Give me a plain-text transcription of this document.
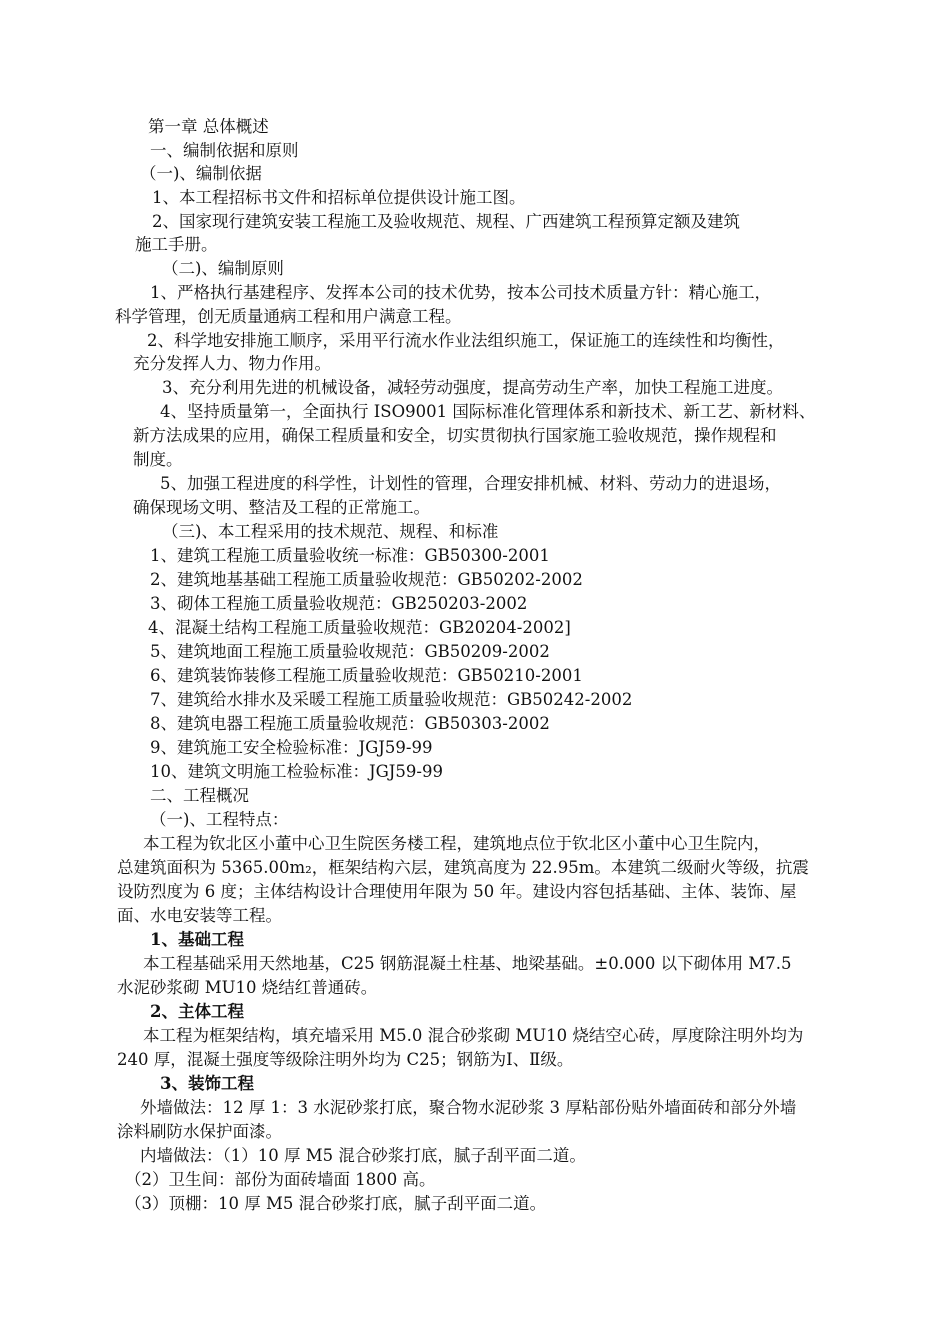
第一章 总体概述
一、编制依据和原则
（一)、编制依据
1、本工程招标书文件和招标单位提供设计施工图。
2、国家现行建筑安装工程施工及验收规范、规程、广西建筑工程预算定额及建筑
施工手册。
（二)、编制原则
1、严格执行基建程序、发挥本公司的技术优势，按本公司技术质量方针：精心施工，
科学管理，创无质量通病工程和用户满意工程。
2、科学地安排施工顺序，采用平行流水作业法组织施工，保证施工的连续性和均衡性，
充分发挥人力、物力作用。
3、充分利用先进的机械设备，减轻劳动强度，提高劳动生产率，加快工程施工进度。
4、坚持质量第一，全面执行 ISO9001 国际标准化管理体系和新技术、新工艺、新材料、
新方法成果的应用，确保工程质量和安全，切实贯彻执行国家施工验收规范，操作规程和
制度。
5、加强工程进度的科学性，计划性的管理，合理安排机械、材料、劳动力的进退场，
确保现场文明、整洁及工程的正常施工。
（三)、本工程采用的技术规范、规程、和标准
1、建筑工程施工质量验收统一标准：GB50300-2001
2、建筑地基基础工程施工质量验收规范：GB50202-2002
3、砌体工程施工质量验收规范：GB250203-2002
4、混凝土结构工程施工质量验收规范：GB20204-2002]
5、建筑地面工程施工质量验收规范：GB50209-2002
6、建筑装饰装修工程施工质量验收规范：GB50210-2001
7、建筑给水排水及采暖工程施工质量验收规范：GB50242-2002
8、建筑电器工程施工质量验收规范：GB50303-2002
9、建筑施工安全检验标准：JGJ59-99
10、建筑文明施工检验标准：JGJ59-99
二、工程概况
（一)、工程特点：
本工程为钦北区小董中心卫生院医务楼工程，建筑地点位于钦北区小董中心卫生院内，
总建筑面积为 5365.00m₂，框架结构六层，建筑高度为 22.95m。本建筑二级耐火等级，抗震
设防烈度为 6 度；主体结构设计合理使用年限为 50 年。建设内容包括基础、主体、装饰、屋
面、水电安装等工程。
1、基础工程
本工程基础采用天然地基，C25 钢筋混凝土柱基、地梁基础。±0.000 以下砌体用 M7.5
水泥砂浆砌 MU10 烧结红普通砖。
2、主体工程
本工程为框架结构，填充墙采用 M5.0 混合砂浆砌 MU10 烧结空心砖，厚度除注明外均为
240 厚，混凝土强度等级除注明外均为 C25；钢筋为Ⅰ、Ⅱ级。
3、装饰工程
外墙做法：12 厚 1：3 水泥砂浆打底，聚合物水泥砂浆 3 厚粘部份贴外墙面砖和部分外墙
涂料刷防水保护面漆。
内墙做法：（1）10 厚 M5 混合砂浆打底，腻子刮平面二道。
（2）卫生间：部份为面砖墙面 1800 高。
（3）顶棚：10 厚 M5 混合砂浆打底，腻子刮平面二道。
